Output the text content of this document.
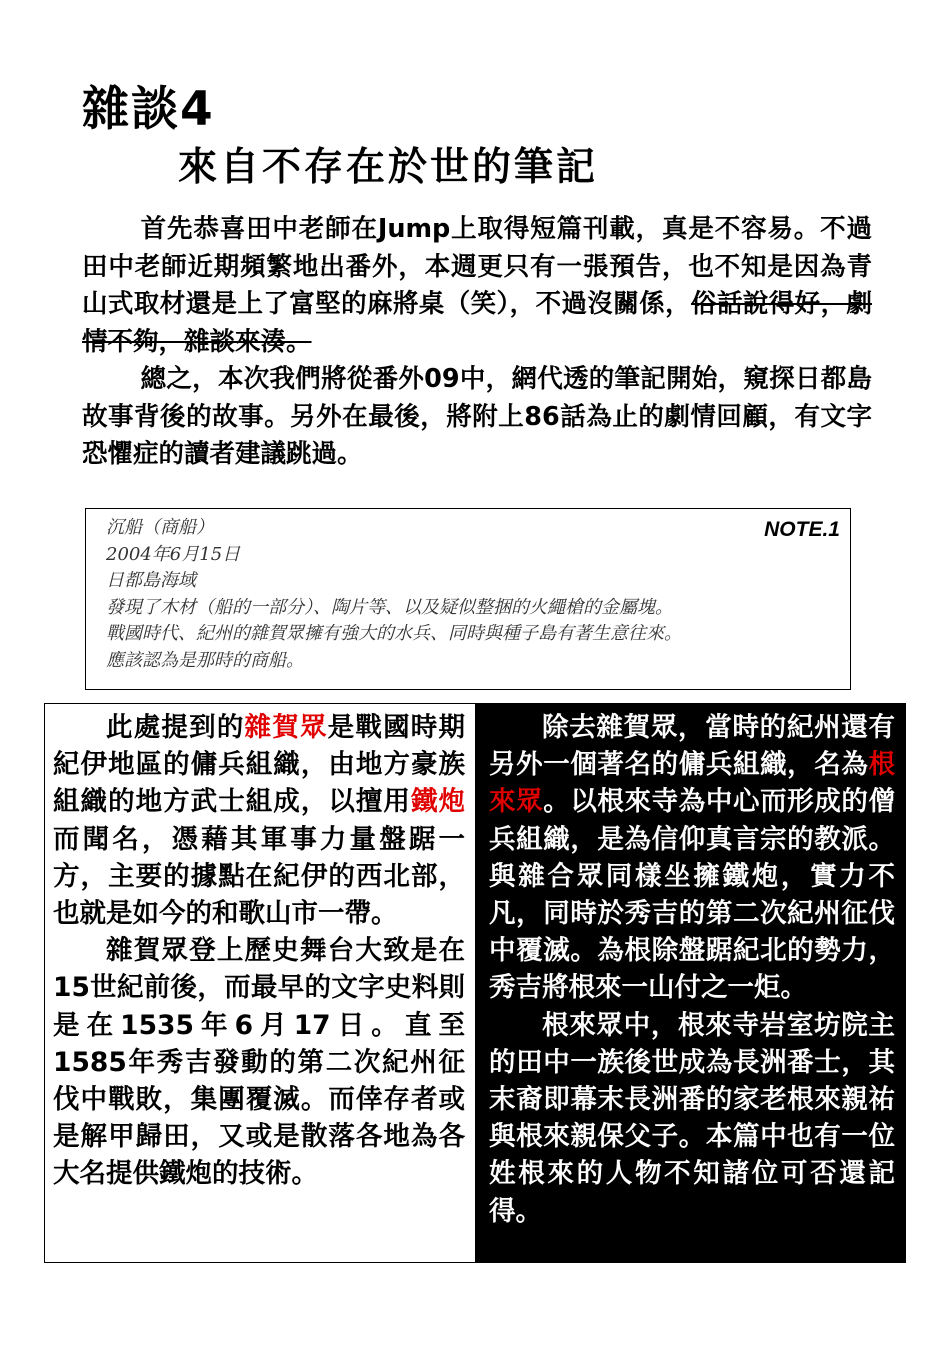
雜談4
來自不存在於世的筆記

首先恭喜田中老師在Jump上取得短篇刊載，真是不容易。不過田中老師近期頻繁地出番外，本週更只有一張預告，也不知是因為青山式取材還是上了富堅的麻將桌（笑），不過沒關係，俗話說得好，劇情不夠，雜談來湊。

總之，本次我們將從番外09中，網代透的筆記開始，窺探日都島故事背後的故事。另外在最後，將附上86話為止的劇情回顧，有文字恐懼症的讀者建議跳過。

沉船（商船）
2004年6月15日
日都島海域
發現了木材（船的一部分）、陶片等、以及疑似整捆的火繩槍的金屬塊。
戰國時代、紀州的雜賀眾擁有強大的水兵、同時與種子島有著生意往來。
應該認為是那時的商船。
NOTE.1

此處提到的雜賀眾是戰國時期紀伊地區的傭兵組織，由地方豪族組織的地方武士組成，以擅用鐵炮而聞名，憑藉其軍事力量盤踞一方，主要的據點在紀伊的西北部，也就是如今的和歌山市一帶。

雜賀眾登上歷史舞台大致是在15世紀前後，而最早的文字史料則是在1535年6月17日。直至1585年秀吉發動的第二次紀州征伐中戰敗，集團覆滅。而倖存者或是解甲歸田，又或是散落各地為各大名提供鐵炮的技術。

除去雜賀眾，當時的紀州還有另外一個著名的傭兵組織，名為根來眾。以根來寺為中心而形成的僧兵組織，是為信仰真言宗的教派。與雜合眾同樣坐擁鐵炮，實力不凡，同時於秀吉的第二次紀州征伐中覆滅。為根除盤踞紀北的勢力，秀吉將根來一山付之一炬。

根來眾中，根來寺岩室坊院主的田中一族後世成為長洲番士，其末裔即幕末長洲番的家老根來親祐與根來親保父子。本篇中也有一位姓根來的人物不知諸位可否還記得。
